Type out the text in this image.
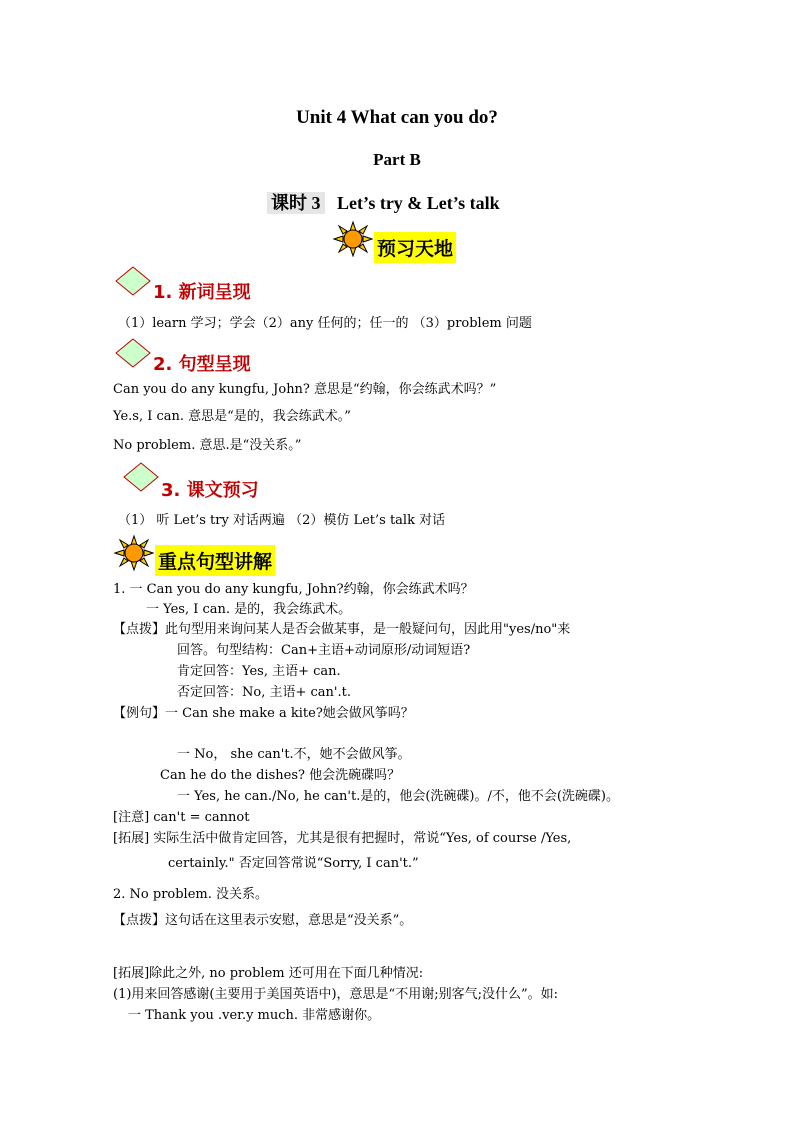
Unit 4 What can you do?
Part B
课时 3 Let’s try & Let’s talk
预习天地
1. 新词呈现
（1）learn 学习；学会（2）any 任何的；任一的 （3）problem 问题
2. 句型呈现
Can you do any kungfu, John? 意思是“约翰，你会练武术吗？”
Ye.s, I can. 意思是“是的，我会练武术。”
No problem. 意思.是“没关系。”
3. 课文预习
（1） 听 Let’s try 对话两遍 （2）模仿 Let’s talk 对话
重点句型讲解
1. 一 Can you do any kungfu, John?约翰，你会练武术吗？
一 Yes, I can. 是的，我会练武术。
【点拨】此句型用来询问某人是否会做某事，是一般疑问句，因此用"yes/no"来
回答。句型结构：Can+主语+动词原形/动词短语?
肯定回答：Yes, 主语+ can.
否定回答：No, 主语+ can'.t.
【例句】一 Can she make a kite?她会做风筝吗？
一 No， she can't.不，她不会做风筝。
Can he do the dishes? 他会洗碗碟吗？
一 Yes, he can./No, he can't.是的，他会(洗碗碟)。/不，他不会(洗碗碟)。
[注意] can't = cannot
[拓展] 实际生活中做肯定回答，尤其是很有把握时，常说“Yes, of course /Yes,
certainly." 否定回答常说“Sorry, I can't.”
2. No problem. 没关系。
【点拨】这句话在这里表示安慰，意思是“没关系”。
[拓展]除此之外, no problem 还可用在下面几种情况:
(1)用来回答感谢(主要用于美国英语中)，意思是“不用谢;别客气;没什么”。如:
一 Thank you .ver.y much. 非常感谢你。
